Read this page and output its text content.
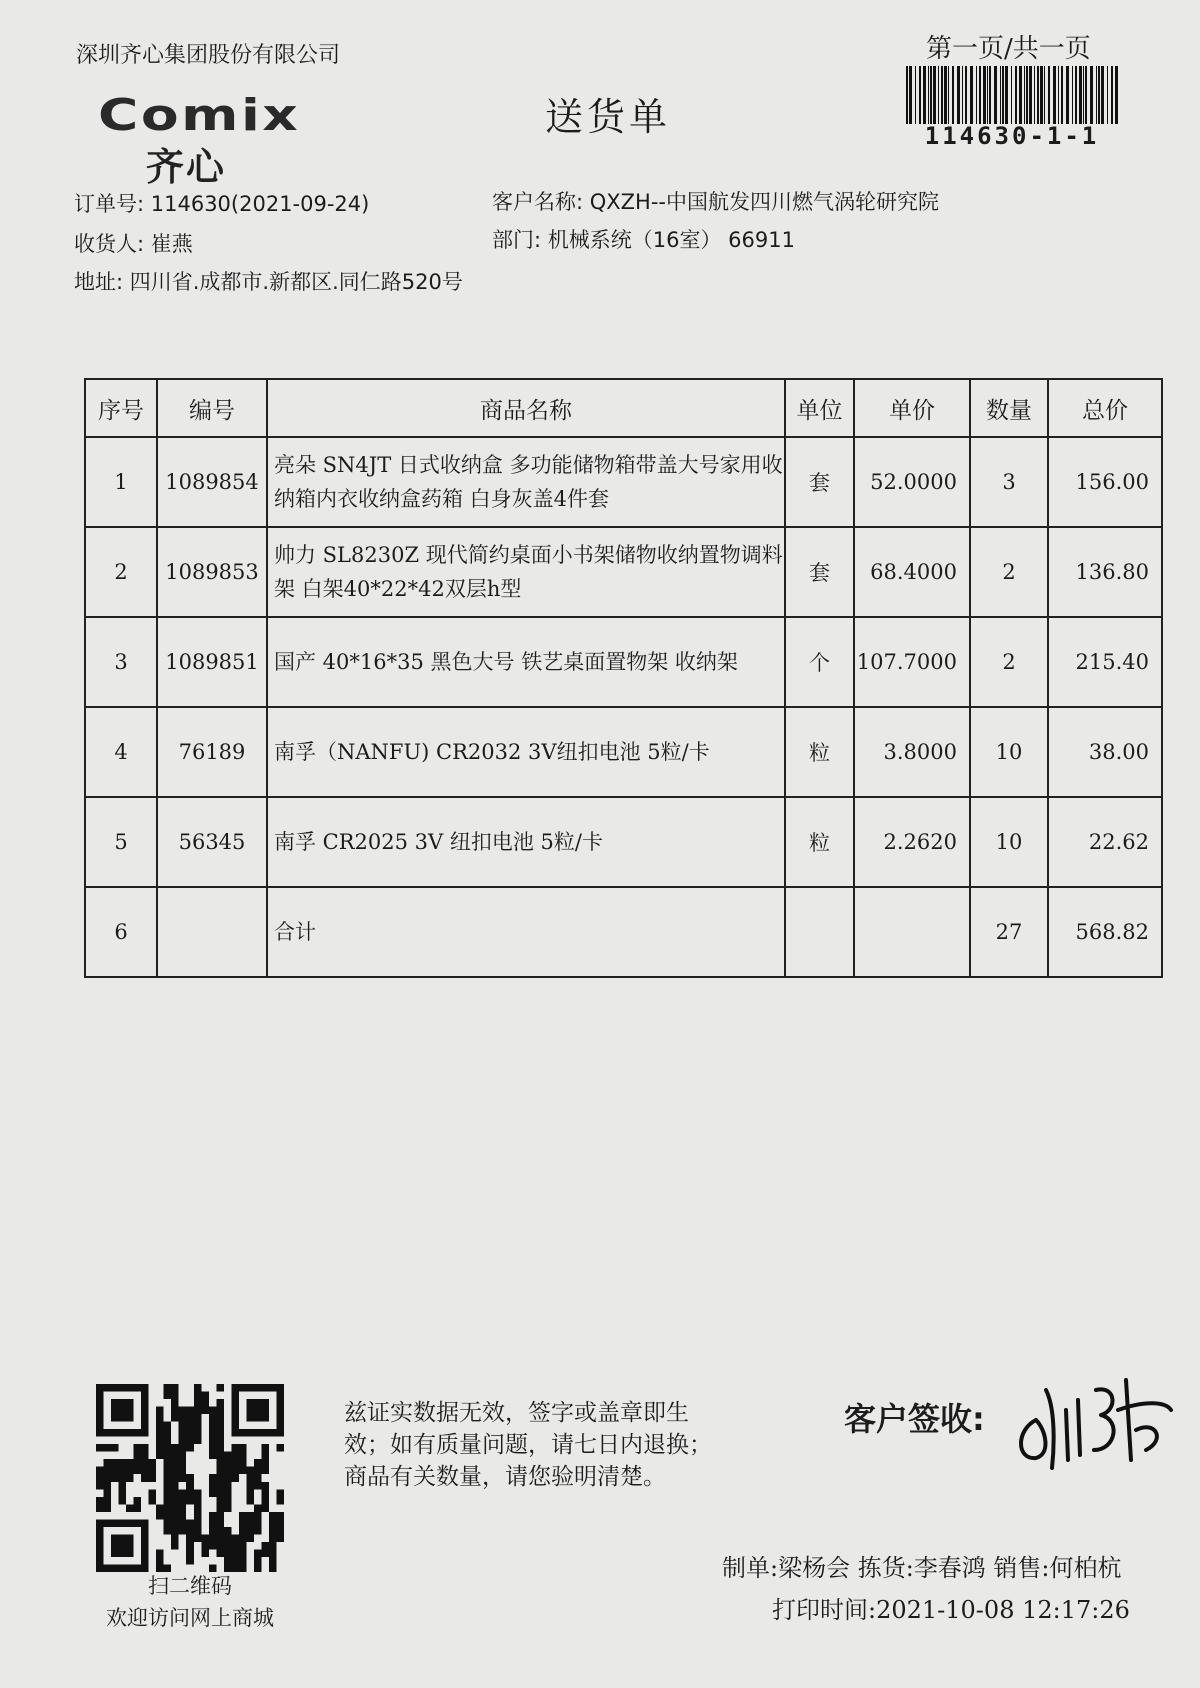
深圳齐心集团股份有限公司	第一页/共一页
114630-1-1
Comix
齐心
送货单
订单号: 114630(2021-09-24)
收货人: 崔燕
地址: 四川省.成都市.新都区.同仁路520号
客户名称: QXZH--中国航发四川燃气涡轮研究院
部门: 机械系统（16室） 66911
序号	编号	商品名称	单位	单价	数量	总价
1	1089854	亮朵 SN4JT 日式收纳盒 多功能储物箱带盖大号家用收纳箱内衣收纳盒药箱 白身灰盖4件套	套	52.0000	3	156.00
2	1089853	帅力 SL8230Z 现代简约桌面小书架储物收纳置物调料架 白架40*22*42双层h型	套	68.4000	2	136.80
3	1089851	国产 40*16*35 黑色大号 铁艺桌面置物架 收纳架	个	107.7000	2	215.40
4	76189	南孚（NANFU) CR2032 3V纽扣电池 5粒/卡	粒	3.8000	10	38.00
5	56345	南孚 CR2025 3V 纽扣电池 5粒/卡	粒	2.2620	10	22.62
6		合计			27	568.82
扫二维码
欢迎访问网上商城
兹证实数据无效，签字或盖章即生
效；如有质量问题，请七日内退换；
商品有关数量，请您验明清楚。
客户签收:
制单:梁杨会 拣货:李春鸿 销售:何柏杭
打印时间:2021-10-08 12:17:26
